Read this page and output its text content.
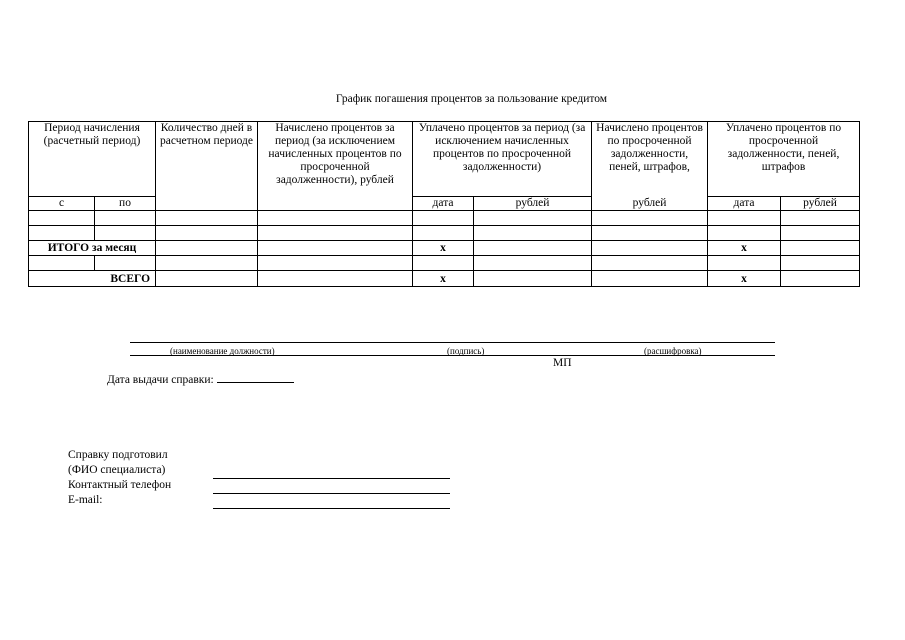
График погашения процентов за пользование кредитом
Период начисления (расчетный период)		Количество дней в расчетном периоде	Начислено процентов за период (за исключением начисленных процентов по просроченной задолженности), рублей	Уплачено процентов за период (за исключением начисленных процентов по просроченной задолженности)		Начислено процентов по просроченной задолженности, пеней, штрафов,	Уплачено процентов по просроченной задолженности, пеней, штрафов	
с	по			дата	рублей	рублей	дата	рублей

ИТОГО за месяц				x			x	

ВСЕГО				x			x	
(наименование должности)	(подпись)	(расшифровка)
МП
Дата выдачи справки:
Справку подготовил
(ФИО специалиста)
Контактный телефон
E-mail:
